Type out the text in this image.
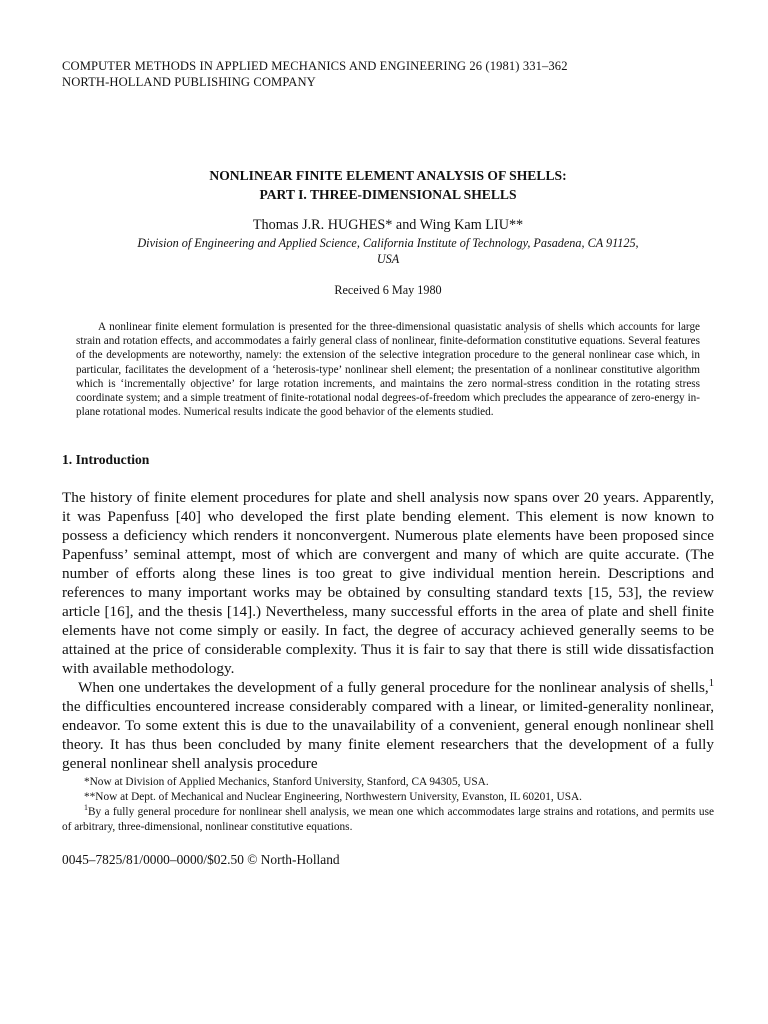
COMPUTER METHODS IN APPLIED MECHANICS AND ENGINEERING 26 (1981) 331–362
NORTH-HOLLAND PUBLISHING COMPANY
NONLINEAR FINITE ELEMENT ANALYSIS OF SHELLS:
PART I. THREE-DIMENSIONAL SHELLS
Thomas J.R. HUGHES* and Wing Kam LIU**
Division of Engineering and Applied Science, California Institute of Technology, Pasadena, CA 91125,
USA
Received 6 May 1980
A nonlinear finite element formulation is presented for the three-dimensional quasistatic analysis of shells which accounts for large strain and rotation effects, and accommodates a fairly general class of nonlinear, finite-deformation constitutive equations. Several features of the developments are noteworthy, namely: the extension of the selective integration procedure to the general nonlinear case which, in particular, facilitates the development of a ‘heterosis-type’ nonlinear shell element; the presentation of a nonlinear constitutive algorithm which is ‘incrementally objective’ for large rotation increments, and maintains the zero normal-stress condition in the rotating stress coordinate system; and a simple treatment of finite-rotational nodal degrees-of-freedom which precludes the appearance of zero-energy in-plane rotational modes. Numerical results indicate the good behavior of the elements studied.
1. Introduction

The history of finite element procedures for plate and shell analysis now spans over 20 years. Apparently, it was Papenfuss [40] who developed the first plate bending element. This element is now known to possess a deficiency which renders it nonconvergent. Numerous plate elements have been proposed since Papenfuss’ seminal attempt, most of which are convergent and many of which are quite accurate. (The number of efforts along these lines is too great to give individual mention herein. Descriptions and references to many important works may be obtained by consulting standard texts [15, 53], the review article [16], and the thesis [14].) Nevertheless, many successful efforts in the area of plate and shell finite elements have not come simply or easily. In fact, the degree of accuracy achieved generally seems to be attained at the price of considerable complexity. Thus it is fair to say that there is still wide dissatisfaction with available methodology.

When one undertakes the development of a fully general procedure for the nonlinear analysis of shells,$^1$ the difficulties encountered increase considerably compared with a linear, or limited-generality nonlinear, endeavor. To some extent this is due to the unavailability of a convenient, general enough nonlinear shell theory. It has thus been concluded by many finite element researchers that the development of a fully general nonlinear shell analysis procedure

*Now at Division of Applied Mechanics, Stanford University, Stanford, CA 94305, USA.
**Now at Dept. of Mechanical and Nuclear Engineering, Northwestern University, Evanston, IL 60201, USA.
$^1$By a fully general procedure for nonlinear shell analysis, we mean one which accommodates large strains and rotations, and permits use of arbitrary, three-dimensional, nonlinear constitutive equations.
0045–7825/81/0000–0000/$02.50 © North-Holland
